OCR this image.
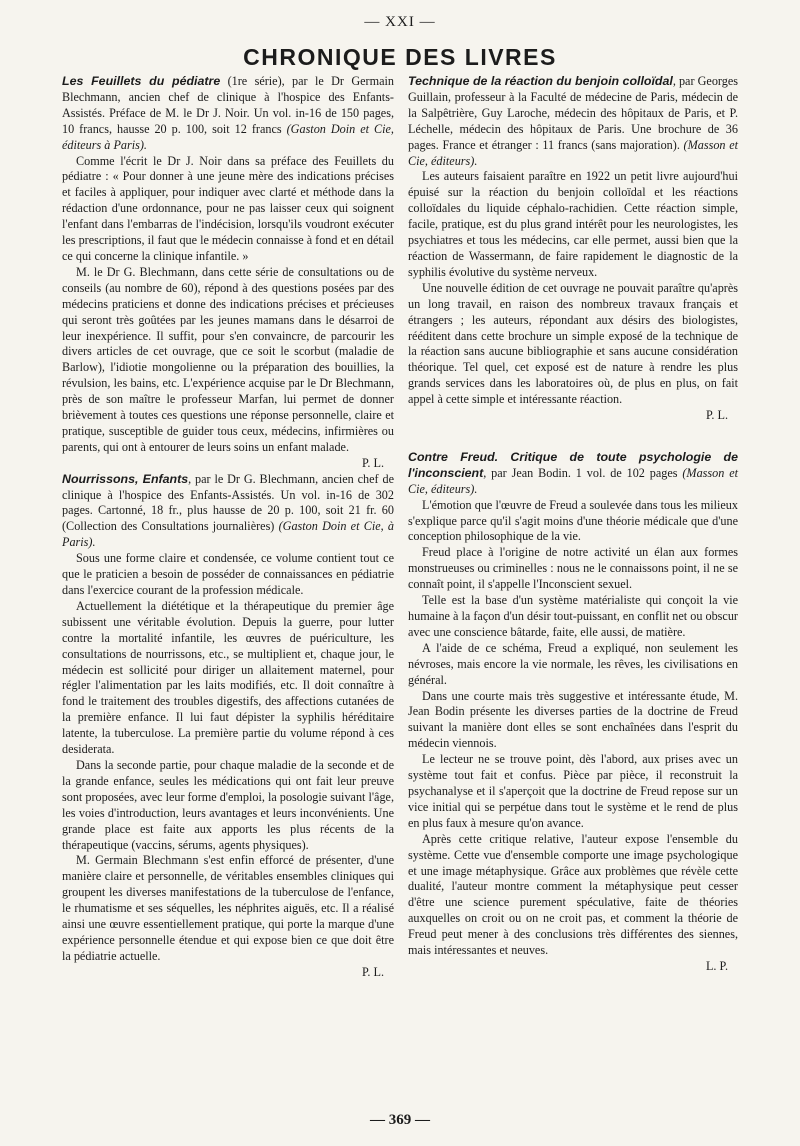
— XXI —
CHRONIQUE DES LIVRES

Les Feuillets du pédiatre (1re série), par le Dr Germain Blechmann, ancien chef de clinique à l'hospice des Enfants-Assistés. Préface de M. le Dr J. Noir. Un vol. in-16 de 150 pages, 10 francs, hausse 20 p. 100, soit 12 francs (Gaston Doin et Cie, éditeurs à Paris).

Comme l'écrit le Dr J. Noir dans sa préface des Feuillets du pédiatre : « Pour donner à une jeune mère des indications précises et faciles à appliquer, pour indiquer avec clarté et méthode dans la rédaction d'une ordonnance, pour ne pas laisser ceux qui soignent l'enfant dans l'embarras de l'indécision, lorsqu'ils voudront exécuter les prescriptions, il faut que le médecin connaisse à fond et en détail ce qui concerne la clinique infantile. »

M. le Dr G. Blechmann, dans cette série de consultations ou de conseils (au nombre de 60), répond à des questions posées par des médecins praticiens et donne des indications précises et précieuses qui seront très goûtées par les jeunes mamans dans le désarroi de leur inexpérience. Il suffit, pour s'en convaincre, de parcourir les divers articles de cet ouvrage, que ce soit le scorbut (maladie de Barlow), l'idiotie mongolienne ou la préparation des bouillies, la révulsion, les bains, etc. L'expérience acquise par le Dr Blechmann, près de son maître le professeur Marfan, lui permet de donner brièvement à toutes ces questions une réponse personnelle, claire et pratique, susceptible de guider tous ceux, médecins, infirmières ou parents, qui ont à entourer de leurs soins un enfant malade.

P. L.

Nourrissons, Enfants, par le Dr G. Blechmann, ancien chef de clinique à l'hospice des Enfants-Assistés. Un vol. in-16 de 302 pages. Cartonné, 18 fr., plus hausse de 20 p. 100, soit 21 fr. 60 (Collection des Consultations journalières) (Gaston Doin et Cie, à Paris).

Sous une forme claire et condensée, ce volume contient tout ce que le praticien a besoin de posséder de connaissances en pédiatrie dans l'exercice courant de la profession médicale.

Actuellement la diététique et la thérapeutique du premier âge subissent une véritable évolution. Depuis la guerre, pour lutter contre la mortalité infantile, les œuvres de puériculture, les consultations de nourrissons, etc., se multiplient et, chaque jour, le médecin est sollicité pour diriger un allaitement maternel, pour régler l'alimentation par les laits modifiés, etc. Il doit connaître à fond le traitement des troubles digestifs, des affections cutanées de la première enfance. Il lui faut dépister la syphilis héréditaire latente, la tuberculose. La première partie du volume répond à ces desiderata.

Dans la seconde partie, pour chaque maladie de la seconde et de la grande enfance, seules les médications qui ont fait leur preuve sont proposées, avec leur forme d'emploi, la posologie suivant l'âge, les voies d'introduction, leurs avantages et leurs inconvénients. Une grande place est faite aux apports les plus récents de la thérapeutique (vaccins, sérums, agents physiques).

M. Germain Blechmann s'est enfin efforcé de présenter, d'une manière claire et personnelle, de véritables ensembles cliniques qui groupent les diverses manifestations de la tuberculose de l'enfance, le rhumatisme et ses séquelles, les néphrites aiguës, etc. Il a réalisé ainsi une œuvre essentiellement pratique, qui porte la marque d'une expérience personnelle étendue et qui expose bien ce que doit être la pédiatrie actuelle.

P. L.

Technique de la réaction du benjoin colloïdal, par Georges Guillain, professeur à la Faculté de médecine de Paris, médecin de la Salpêtrière, Guy Laroche, médecin des hôpitaux de Paris, et P. Léchelle, médecin des hôpitaux de Paris. Une brochure de 36 pages. France et étranger : 11 francs (sans majoration). (Masson et Cie, éditeurs).

Les auteurs faisaient paraître en 1922 un petit livre aujourd'hui épuisé sur la réaction du benjoin colloïdal et les réactions colloïdales du liquide céphalo-rachidien. Cette réaction simple, facile, pratique, est du plus grand intérêt pour les neurologistes, les psychiatres et tous les médecins, car elle permet, aussi bien que la réaction de Wassermann, de faire rapidement le diagnostic de la syphilis évolutive du système nerveux.

Une nouvelle édition de cet ouvrage ne pouvait paraître qu'après un long travail, en raison des nombreux travaux français et étrangers ; les auteurs, répondant aux désirs des biologistes, rééditent dans cette brochure un simple exposé de la technique de la réaction sans aucune bibliographie et sans aucune considération théorique. Tel quel, cet exposé est de nature à rendre les plus grands services dans les laboratoires où, de plus en plus, on fait appel à cette simple et intéressante réaction.

P. L.

Contre Freud. Critique de toute psychologie de l'inconscient, par Jean Bodin. 1 vol. de 102 pages (Masson et Cie, éditeurs).

L'émotion que l'œuvre de Freud a soulevée dans tous les milieux s'explique parce qu'il s'agit moins d'une théorie médicale que d'une conception philosophique de la vie.

Freud place à l'origine de notre activité un élan aux formes monstrueuses ou criminelles : nous ne le connaissons point, il ne se connaît point, il s'appelle l'Inconscient sexuel.

Telle est la base d'un système matérialiste qui conçoit la vie humaine à la façon d'un désir tout-puissant, en conflit net ou obscur avec une conscience bâtarde, faite, elle aussi, de matière.

A l'aide de ce schéma, Freud a expliqué, non seulement les névroses, mais encore la vie normale, les rêves, les civilisations en général.

Dans une courte mais très suggestive et intéressante étude, M. Jean Bodin présente les diverses parties de la doctrine de Freud suivant la manière dont elles se sont enchaînées dans l'esprit du médecin viennois.

Le lecteur ne se trouve point, dès l'abord, aux prises avec un système tout fait et confus. Pièce par pièce, il reconstruit la psychanalyse et il s'aperçoit que la doctrine de Freud repose sur un vice initial qui se perpétue dans tout le système et le rend de plus en plus faux à mesure qu'on avance.

Après cette critique relative, l'auteur expose l'ensemble du système. Cette vue d'ensemble comporte une image psychologique et une image métaphysique. Grâce aux problèmes que révèle cette dualité, l'auteur montre comment la métaphysique peut cesser d'être une science purement spéculative, faite de théories auxquelles on croit ou on ne croit pas, et comment la théorie de Freud peut mener à des conclusions très différentes des siennes, mais intéressantes et neuves.

L. P.

— 369 —
